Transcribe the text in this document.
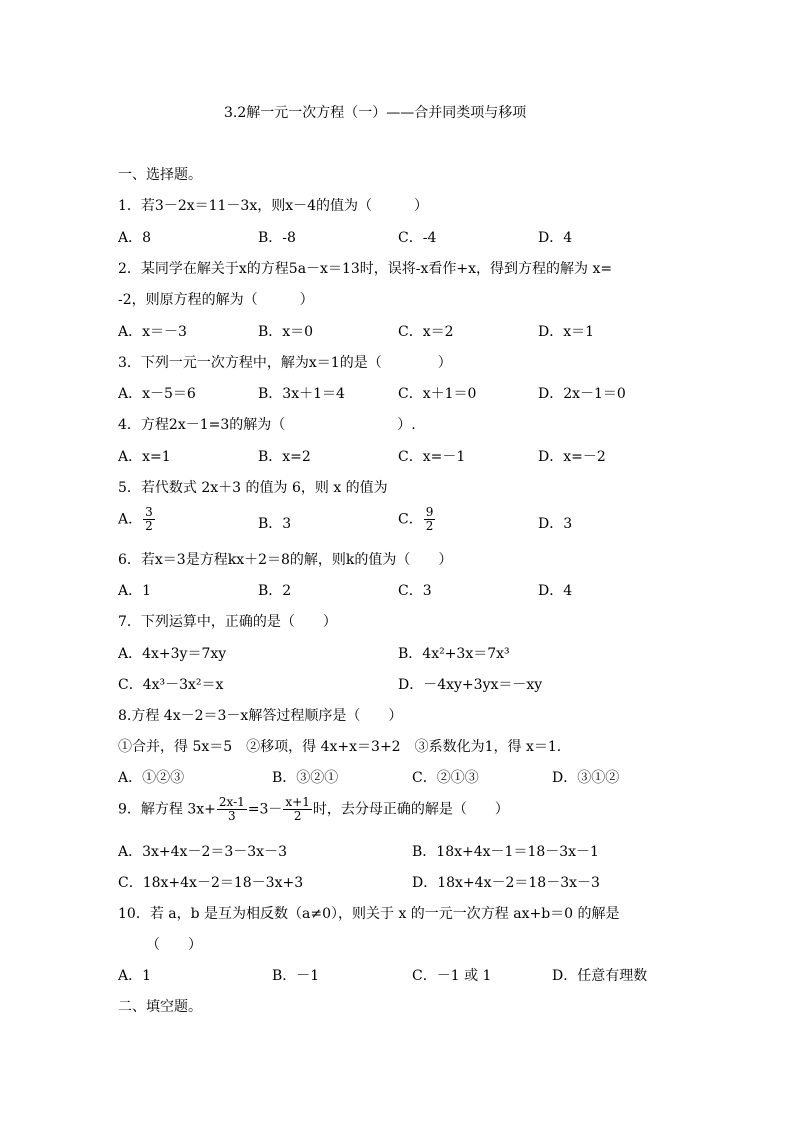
3.2解一元一次方程（一）——合并同类项与移项
一、选择题。
1．若3－2x＝11－3x，则x－4的值为（　　　）
A．8	B．-8	C．-4	D．4
2．某同学在解关于x的方程5a－x＝13时，误将-x看作+x，得到方程的解为 x=
-2，则原方程的解为（　　　）
A．x＝－3	B．x＝0	C．x＝2	D．x＝1
3．下列一元一次方程中，解为x＝1的是（　　　　）
A．x－5＝6	B．3x＋1＝4	C．x＋1＝0	D．2x－1＝0
4．方程2x－1=3的解为（　　　　　　　　）.
A．x=1	B．x=2	C．x=－1	D．x=－2
5．若代数式 2x＋3 的值为 6，则 x 的值为
A． $\frac{3}{2}$	B．3	C． $\frac{9}{2}$	D．3
6．若x＝3是方程kx＋2＝8的解，则k的值为（　　）
A．1	B．2	C．3	D．4
7．下列运算中，正确的是（　　）
A．4x+3y＝7xy	B．4x²+3x＝7x³
C．4x³－3x²＝x	D．－4xy+3yx＝－xy
8.方程 4x－2＝3－x解答过程顺序是（　　）
①合并，得 5x＝5　②移项，得 4x+x＝3+2　③系数化为1，得 x＝1.
A．①②③	B．③②①	C．②①③	D．③①②
9．解方程 $3x+ \frac{2x-1}{3} =3- \frac{x+1}{2}$ 时，去分母正确的解是（　　）
A．3x+4x－2＝3－3x－3	B．18x+4x－1＝18－3x－1
C．18x+4x－2＝18－3x+3	D．18x+4x－2＝18－3x－3
10．若 a，b 是互为相反数（a≠0），则关于 x 的一元一次方程 ax+b＝0 的解是
（　　）
A．1	B．－1	C．－1 或 1	D．任意有理数
二、填空题。
